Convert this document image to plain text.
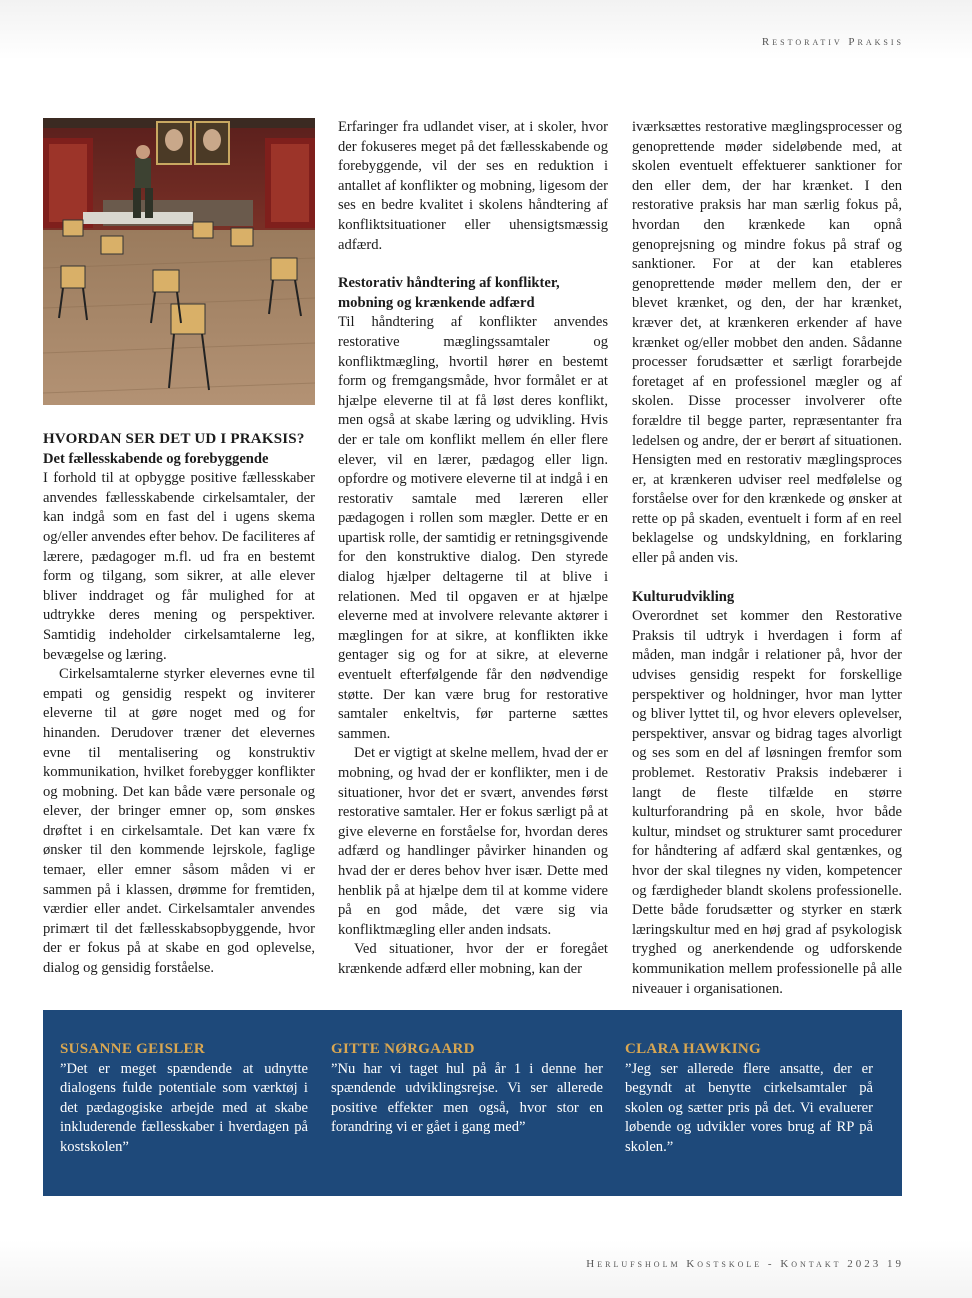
Restorativ Praksis
HVORDAN SER DET UD I PRAKSIS?
Det fællesskabende og forebyggende

I forhold til at opbygge positive fællesskaber anvendes fællesskabende cirkelsamtaler, der kan indgå som en fast del i ugens skema og/eller anvendes efter behov. De faciliteres af lærere, pædagoger m.fl. ud fra en bestemt form og tilgang, som sikrer, at alle elever bliver inddraget og får mulighed for at udtrykke deres mening og perspektiver. Samtidig indeholder cirkelsamtalerne leg, bevægelse og læring.

Cirkelsamtalerne styrker elevernes evne til empati og gensidig respekt og inviterer eleverne til at gøre noget med og for hinanden. Derudover træner det elevernes evne til mentalisering og konstruktiv kommunikation, hvilket forebygger konflikter og mobning. Det kan både være personale og elever, der bringer emner op, som ønskes drøftet i en cirkelsamtale. Det kan være fx ønsker til den kommende lejrskole, faglige temaer, eller emner såsom måden vi er sammen på i klassen, drømme for fremtiden, værdier eller andet. Cirkelsamtaler anvendes primært til det fællesskabsopbyggende, hvor der er fokus på at skabe en god oplevelse, dialog og gensidig forståelse.

Erfaringer fra udlandet viser, at i skoler, hvor der fokuseres meget på det fællesskabende og forebyggende, vil der ses en reduktion i antallet af konflikter og mobning, ligesom der ses en bedre kvalitet i skolens håndtering af konfliktsituationer eller uhensigtsmæssig adfærd.

Restorativ håndtering af konflikter, mobning og krænkende adfærd

Til håndtering af konflikter anvendes restorative mæglingssamtaler og konfliktmægling, hvortil hører en bestemt form og fremgangsmåde, hvor formålet er at hjælpe eleverne til at få løst deres konflikt, men også at skabe læring og udvikling. Hvis der er tale om konflikt mellem én eller flere elever, vil en lærer, pædagog eller lign. opfordre og motivere eleverne til at indgå i en restorativ samtale med læreren eller pædagogen i rollen som mægler. Dette er en upartisk rolle, der samtidig er retningsgivende for den konstruktive dialog. Den styrede dialog hjælper deltagerne til at blive i relationen. Med til opgaven er at hjælpe eleverne med at involvere relevante aktører i mæglingen for at sikre, at konflikten ikke gentager sig og for at sikre, at eleverne eventuelt efterfølgende får den nødvendige støtte. Der kan være brug for restorative samtaler enkeltvis, før parterne sættes sammen.

Det er vigtigt at skelne mellem, hvad der er mobning, og hvad der er konflikter, men i de situationer, hvor det er svært, anvendes først restorative samtaler. Her er fokus særligt på at give eleverne en forståelse for, hvordan deres adfærd og handlinger påvirker hinanden og hvad der er deres behov hver især. Dette med henblik på at hjælpe dem til at komme videre på en god måde, det være sig via konfliktmægling eller anden indsats.

Ved situationer, hvor der er foregået krænkende adfærd eller mobning, kan der

iværksættes restorative mæglingsprocesser og genoprettende møder sideløbende med, at skolen eventuelt effektuerer sanktioner for den eller dem, der har krænket. I den restorative praksis har man særlig fokus på, hvordan den krænkede kan opnå genoprejsning og mindre fokus på straf og sanktioner. For at der kan etableres genoprettende møder mellem den, der er blevet krænket, og den, der har krænket, kræver det, at krænkeren erkender af have krænket og/eller mobbet den anden. Sådanne processer forudsætter et særligt forarbejde foretaget af en professionel mægler og af skolen. Disse processer involverer ofte forældre til begge parter, repræsentanter fra ledelsen og andre, der er berørt af situationen. Hensigten med en restorativ mæglingsproces er, at krænkeren udviser reel medfølelse og forståelse over for den krænkede og ønsker at rette op på skaden, eventuelt i form af en reel beklagelse og undskyldning, en forklaring eller på anden vis.

Kulturudvikling

Overordnet set kommer den Restorative Praksis til udtryk i hverdagen i form af måden, man indgår i relationer på, hvor der udvises gensidig respekt for forskellige perspektiver og holdninger, hvor man lytter og bliver lyttet til, og hvor elevers oplevelser, perspektiver, ansvar og bidrag tages alvorligt og ses som en del af løsningen fremfor som problemet. Restorativ Praksis indebærer i langt de fleste tilfælde en større kulturforandring på en skole, hvor både kultur, mindset og strukturer samt procedurer for håndtering af adfærd skal gentænkes, og hvor der skal tilegnes ny viden, kompetencer og færdigheder blandt skolens professionelle. Dette både forudsætter og styrker en stærk læringskultur med en høj grad af psykologisk tryghed og anerkendende og udforskende kommunikation mellem professionelle på alle niveauer i organisationen.

SUSANNE GEISLER
”Det er meget spændende at udnytte dialogens fulde potentiale som værktøj i det pædagogiske arbejde med at skabe inkluderende fællesskaber i hverdagen på kostskolen”
GITTE NØRGAARD
”Nu har vi taget hul på år 1 i denne her spændende udviklingsrejse. Vi ser allerede positive effekter men også, hvor stor en forandring vi er gået i gang med”
CLARA HAWKING
”Jeg ser allerede flere ansatte, der er begyndt at benytte cirkelsamtaler på skolen og sætter pris på det. Vi evaluerer løbende og udvikler vores brug af RP på skolen.”
Herlufsholm Kostskole - Kontakt 2023 19
